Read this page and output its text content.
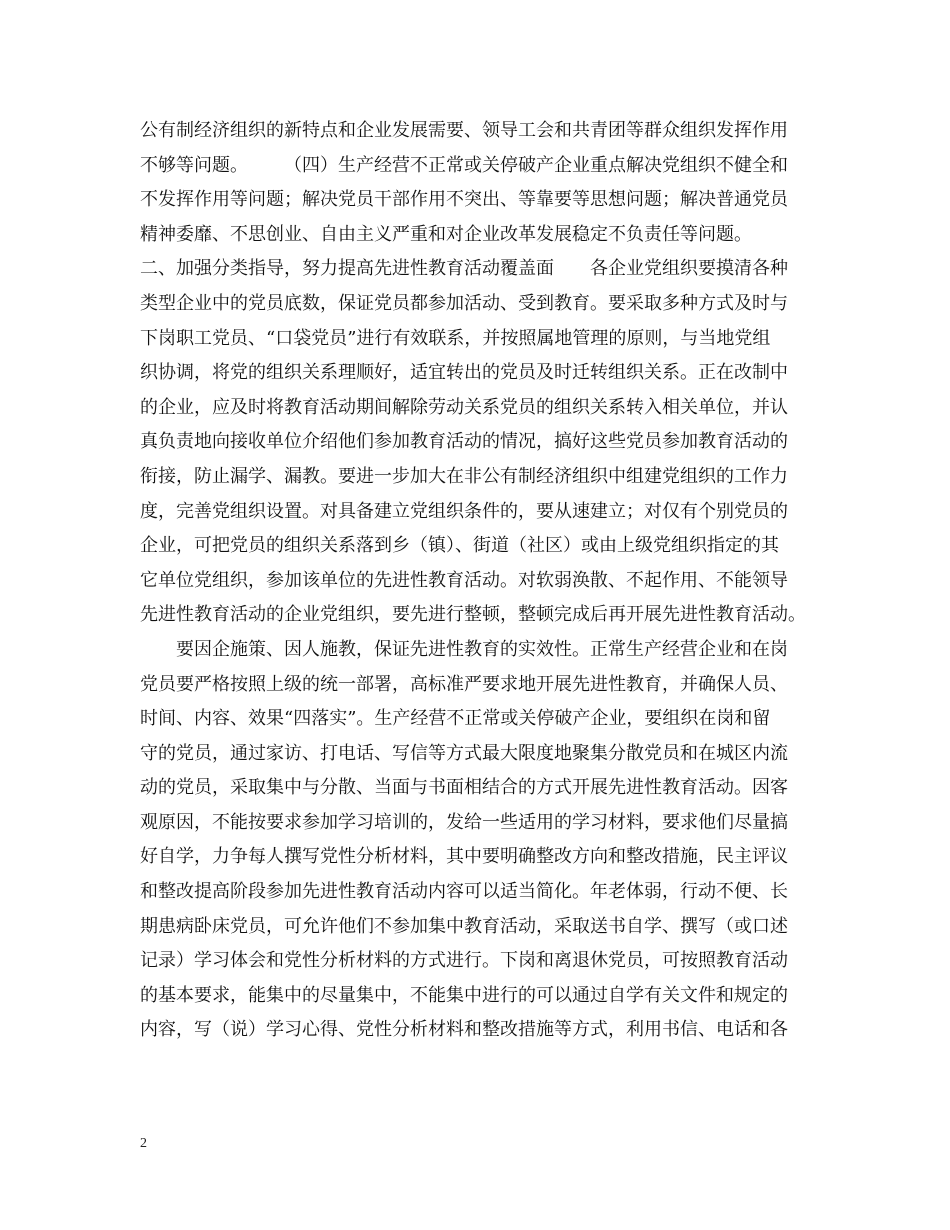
公有制经济组织的新特点和企业发展需要、领导工会和共青团等群众组织发挥作用
不够等问题。　　　（四）生产经营不正常或关停破产企业重点解决党组织不健全和
不发挥作用等问题；解决党员干部作用不突出、等靠要等思想问题；解决普通党员
精神委靡、不思创业、自由主义严重和对企业改革发展稳定不负责任等问题。
二、加强分类指导，努力提高先进性教育活动覆盖面　　各企业党组织要摸清各种
类型企业中的党员底数，保证党员都参加活动、受到教育。要采取多种方式及时与
下岗职工党员、“口袋党员”进行有效联系，并按照属地管理的原则，与当地党组
织协调，将党的组织关系理顺好，适宜转出的党员及时迁转组织关系。正在改制中
的企业，应及时将教育活动期间解除劳动关系党员的组织关系转入相关单位，并认
真负责地向接收单位介绍他们参加教育活动的情况，搞好这些党员参加教育活动的
衔接，防止漏学、漏教。要进一步加大在非公有制经济组织中组建党组织的工作力
度，完善党组织设置。对具备建立党组织条件的，要从速建立；对仅有个别党员的
企业，可把党员的组织关系落到乡（镇）、街道（社区）或由上级党组织指定的其
它单位党组织，参加该单位的先进性教育活动。对软弱涣散、不起作用、不能领导
先进性教育活动的企业党组织，要先进行整顿，整顿完成后再开展先进性教育活动。
　　要因企施策、因人施教，保证先进性教育的实效性。正常生产经营企业和在岗
党员要严格按照上级的统一部署，高标准严要求地开展先进性教育，并确保人员、
时间、内容、效果“四落实”。生产经营不正常或关停破产企业，要组织在岗和留
守的党员，通过家访、打电话、写信等方式最大限度地聚集分散党员和在城区内流
动的党员，采取集中与分散、当面与书面相结合的方式开展先进性教育活动。因客
观原因，不能按要求参加学习培训的，发给一些适用的学习材料，要求他们尽量搞
好自学，力争每人撰写党性分析材料，其中要明确整改方向和整改措施，民主评议
和整改提高阶段参加先进性教育活动内容可以适当简化。年老体弱，行动不便、长
期患病卧床党员，可允许他们不参加集中教育活动，采取送书自学、撰写（或口述
记录）学习体会和党性分析材料的方式进行。下岗和离退休党员，可按照教育活动
的基本要求，能集中的尽量集中，不能集中进行的可以通过自学有关文件和规定的
内容，写（说）学习心得、党性分析材料和整改措施等方式，利用书信、电话和各
2
